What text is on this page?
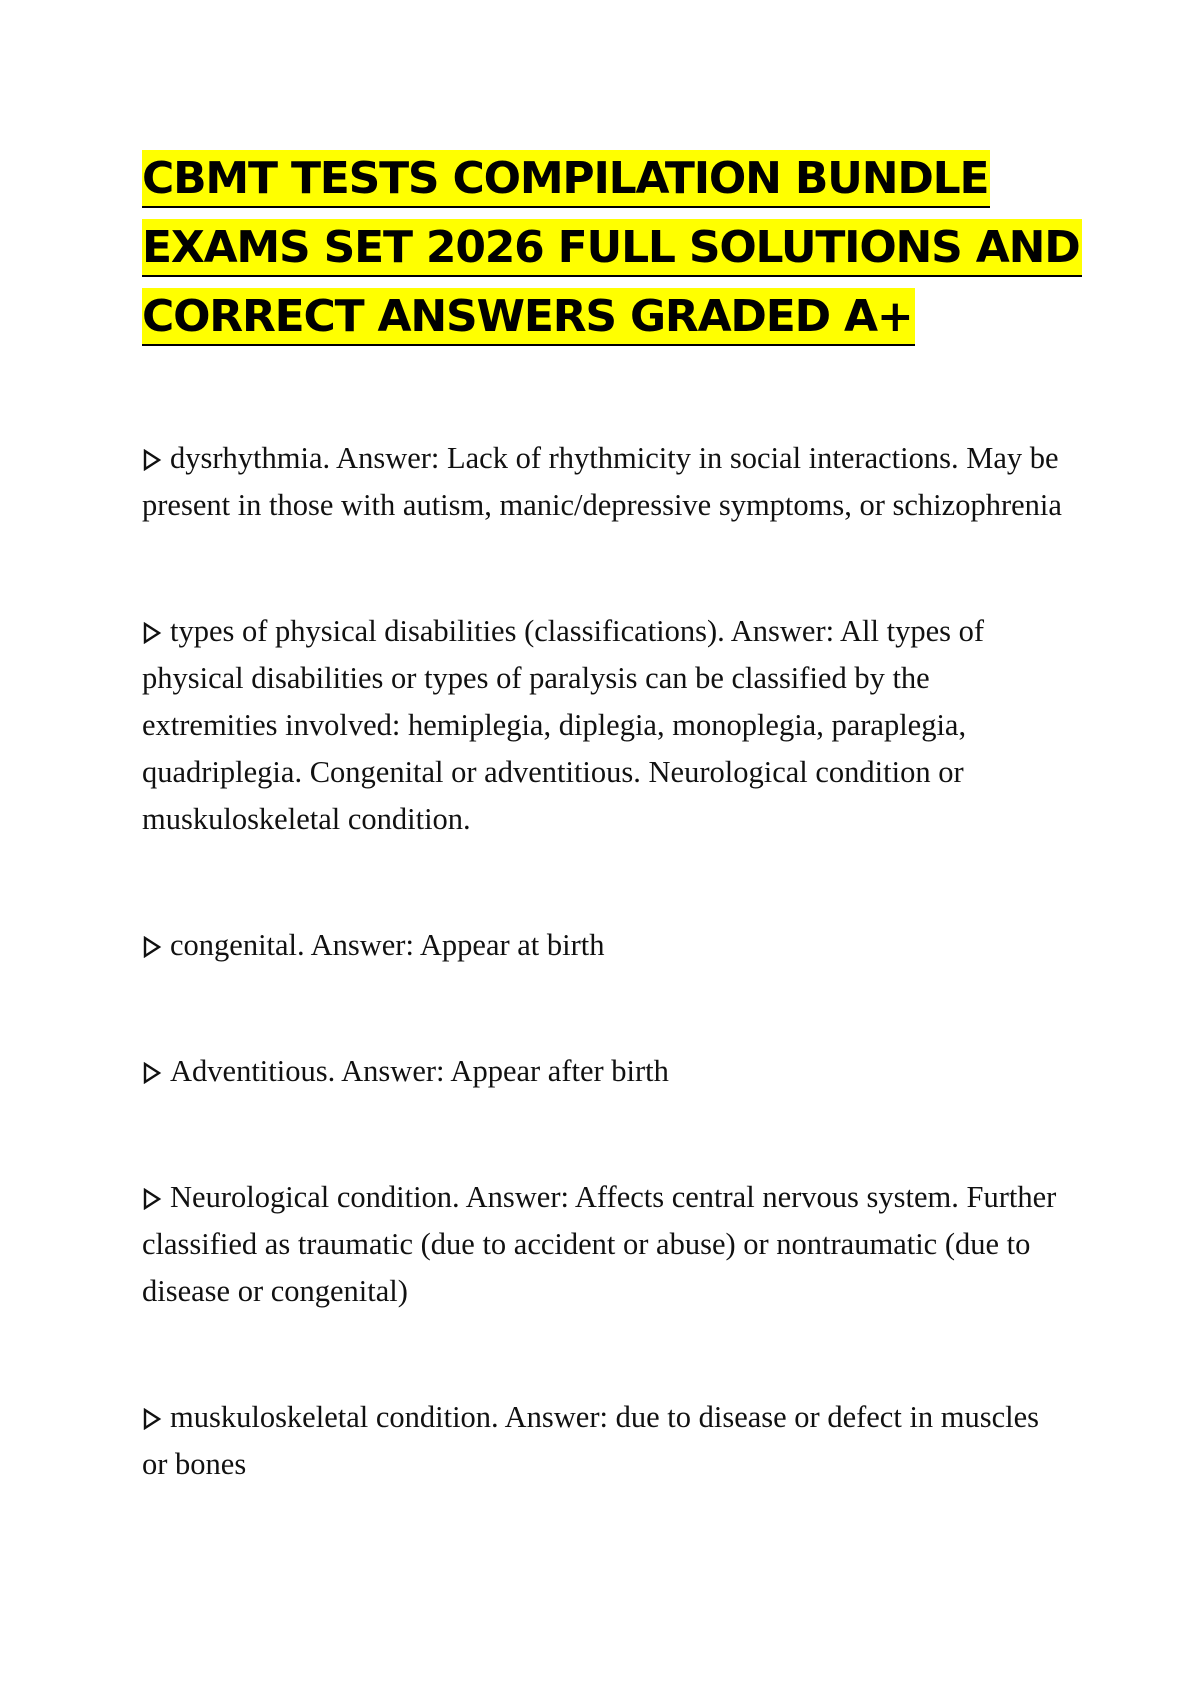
CBMT TESTS COMPILATION BUNDLE
EXAMS SET 2026 FULL SOLUTIONS AND
CORRECT ANSWERS GRADED A+
dysrhythmia. Answer: Lack of rhythmicity in social interactions. May be present in those with autism, manic/depressive symptoms, or schizophrenia
types of physical disabilities (classifications). Answer: All types of physical disabilities or types of paralysis can be classified by the extremities involved: hemiplegia, diplegia, monoplegia, paraplegia, quadriplegia. Congenital or adventitious. Neurological condition or muskuloskeletal condition.
congenital. Answer: Appear at birth
Adventitious. Answer: Appear after birth
Neurological condition. Answer: Affects central nervous system. Further classified as traumatic (due to accident or abuse) or nontraumatic (due to disease or congenital)
muskuloskeletal condition. Answer: due to disease or defect in muscles or bones
